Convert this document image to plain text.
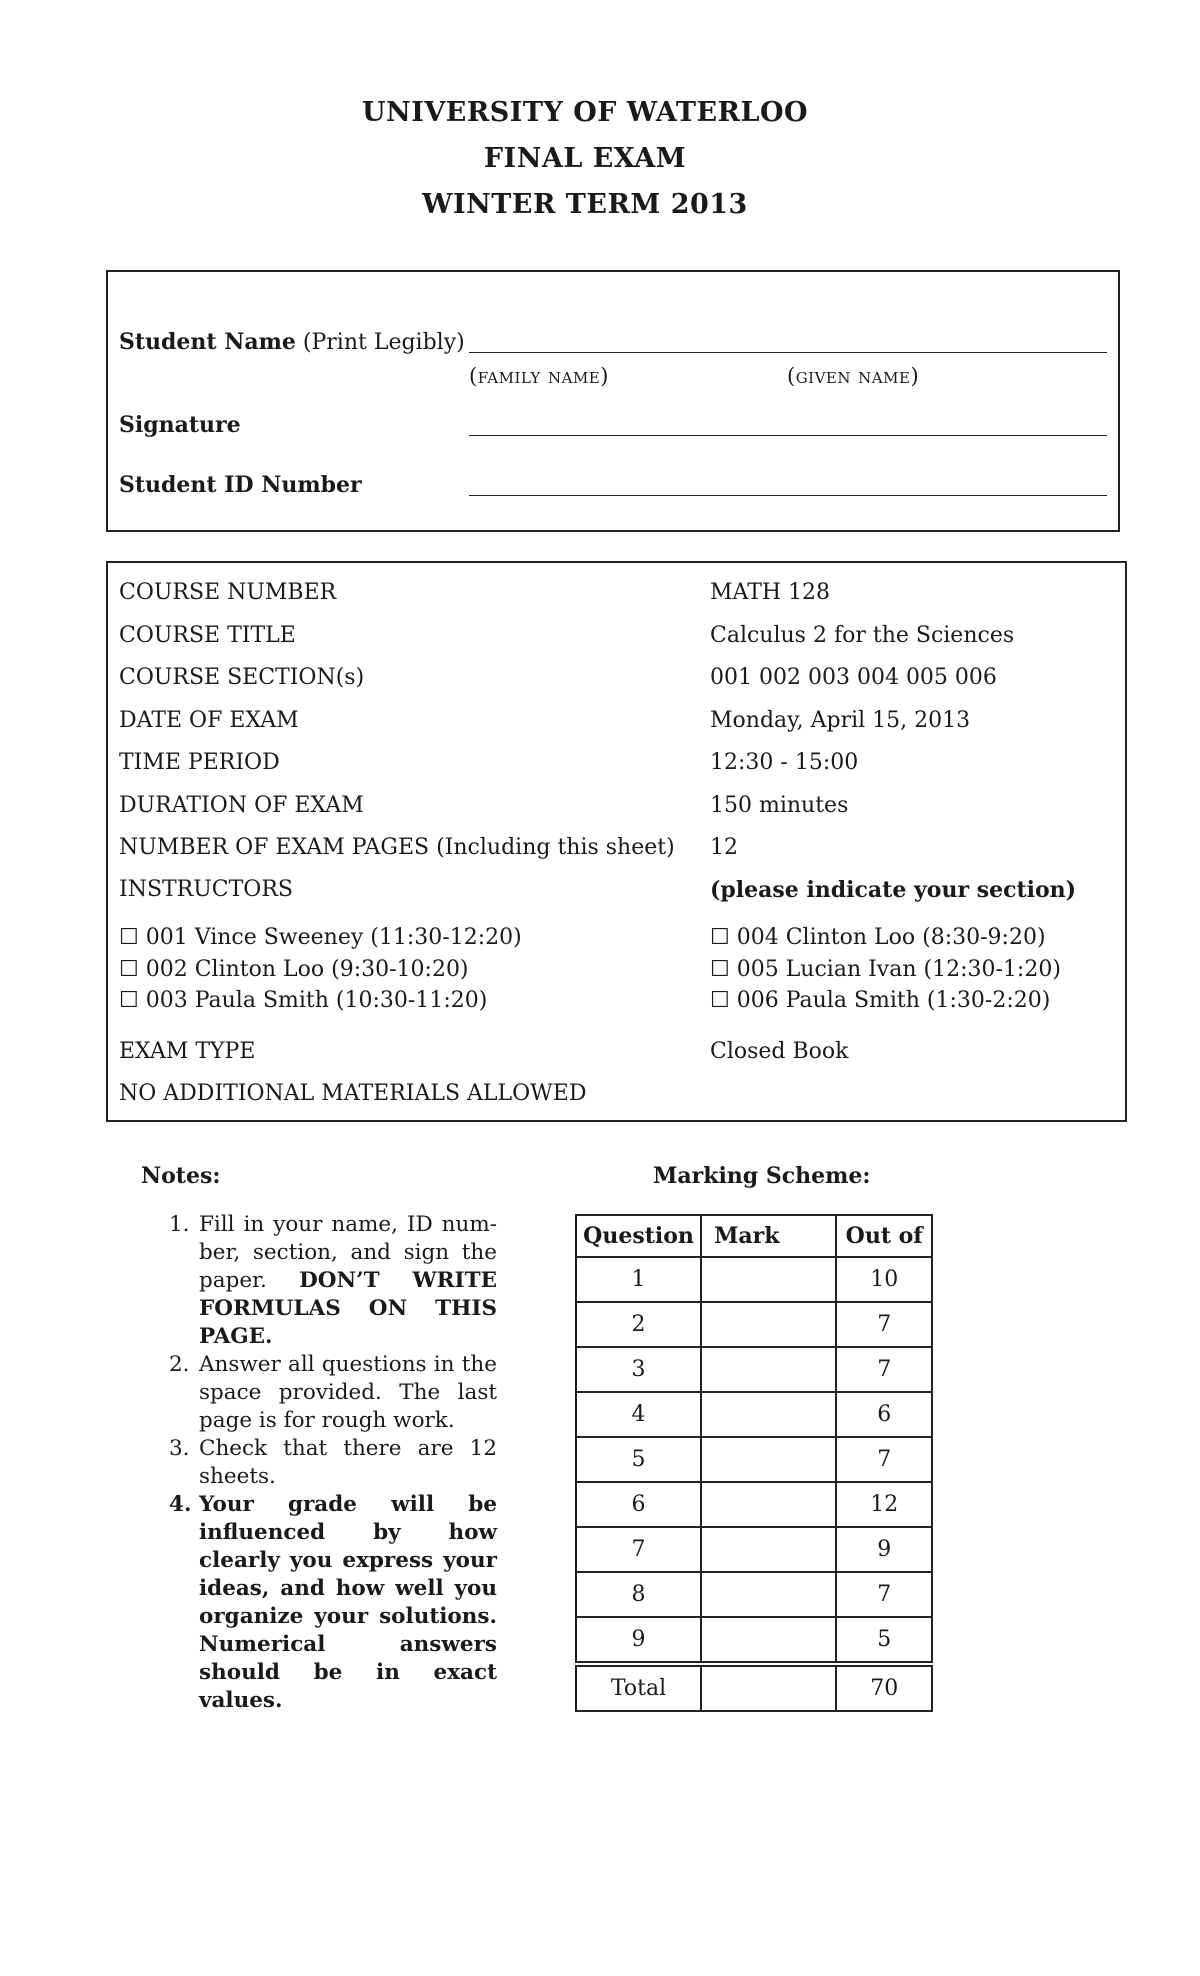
UNIVERSITY OF WATERLOO
FINAL EXAM
WINTER TERM 2013
Student Name (Print Legibly)
(family name)	(given name)
Signature
Student ID Number
COURSE NUMBER	MATH 128
COURSE TITLE	Calculus 2 for the Sciences
COURSE SECTION(s)	001 002 003 004 005 006
DATE OF EXAM	Monday, April 15, 2013
TIME PERIOD	12:30 - 15:00
DURATION OF EXAM	150 minutes
NUMBER OF EXAM PAGES (Including this sheet) 12
INSTRUCTORS	(please indicate your section)
☐ 001 Vince Sweeney (11:30-12:20)
☐ 002 Clinton Loo (9:30-10:20)
☐ 003 Paula Smith (10:30-11:20)
☐ 004 Clinton Loo (8:30-9:20)
☐ 005 Lucian Ivan (12:30-1:20)
☐ 006 Paula Smith (1:30-2:20)
EXAM TYPE	Closed Book
NO ADDITIONAL MATERIALS ALLOWED
Notes:
1. Fill in your name, ID num-
ber, section, and sign the
paper. DON’T WRITE
FORMULAS ON THIS
PAGE.
2. Answer all questions in the space provided. The last page is for rough work.
3. Check that there are 12 sheets.
4. Your grade will be influenced by how clearly you express your ideas, and how well you organize your solutions. Numerical answers should be in exact values.
Marking Scheme:
Question	Mark	Out of
1		10
2		7
3		7
4		6
5		7
6		12
7		9
8		7
9		5

Total		70
